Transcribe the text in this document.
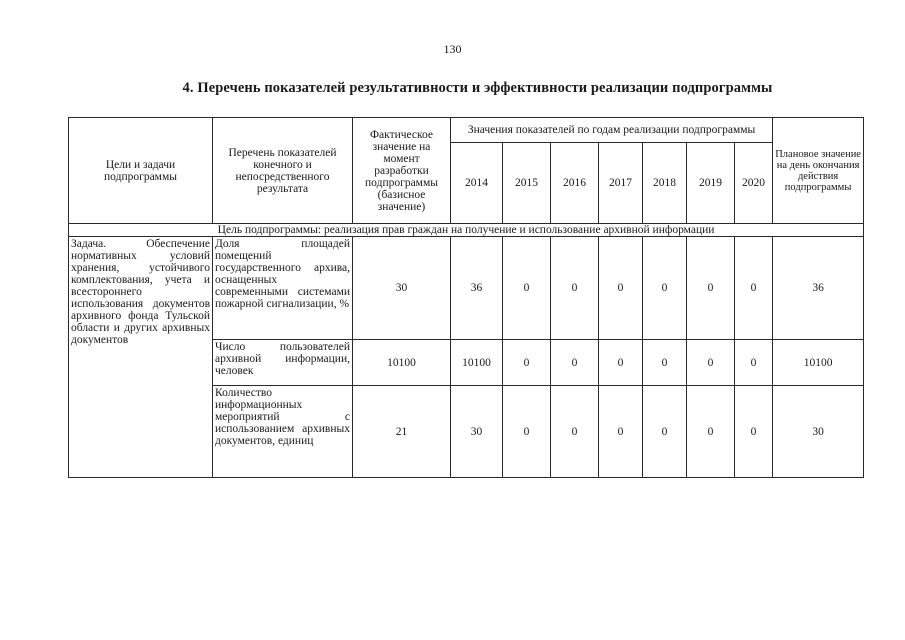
130
4. Перечень показателей результативности и эффективности реализации подпрограммы
Цели и задачи подпрограммы	Перечень показателей конечного и непосредственного результата	Фактическое значение на момент разработки подпрограммы (базисное значение)	Значения показателей по годам реализации подпрограммы							Плановое значение на день окончания действия подпрограммы
			2014	2015	2016	2017	2018	2019	2020	
Цель подпрограммы: реализация прав граждан на получение и использование архивной информации										
Задача. Обеспечение нормативных условий хранения, устойчивого комплектования, учета и всестороннего использования документов архивного фонда Тульской области и других архивных документов	Доля площадей помещений государственного архива, оснащенных современными системами пожарной сигнализации, %	30	36	0	0	0	0	0	0	36
	Число пользователей архивной информации, человек	10100	10100	0	0	0	0	0	0	10100
	Количество информационных мероприятий с использованием архивных документов, единиц	21	30	0	0	0	0	0	0	30
